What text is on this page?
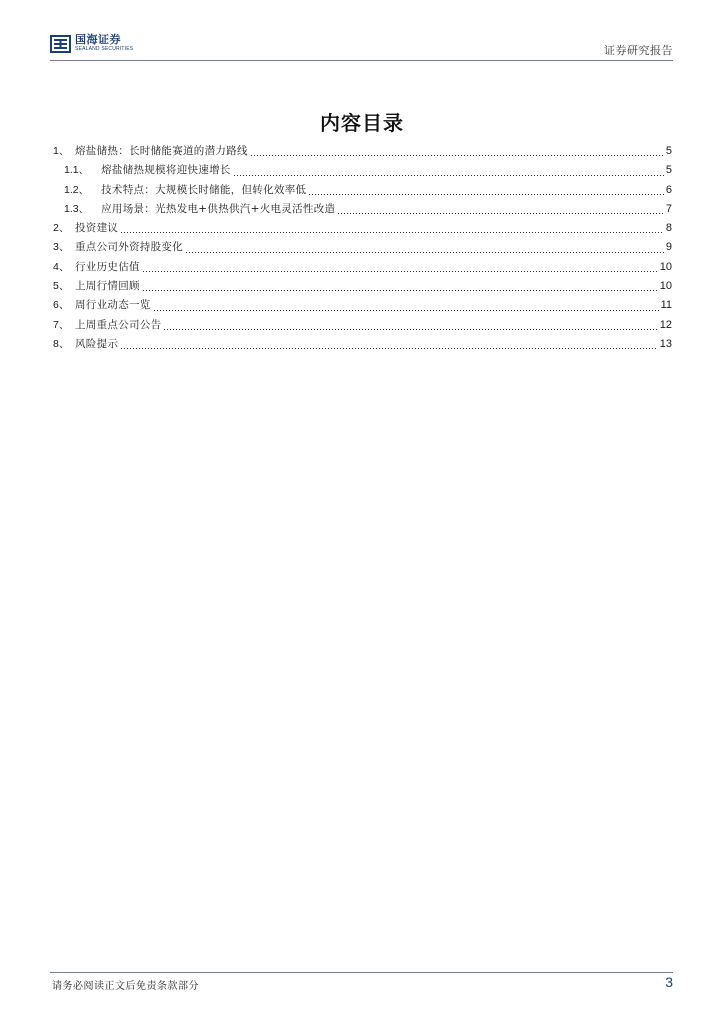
国海证券
SEALAND SECURITIES	证券研究报告
内容目录
1、 熔盐储热：长时储能赛道的潜力路线	5
1.1、 熔盐储热规模将迎快速增长	5
1.2、 技术特点：大规模长时储能，但转化效率低	6
1.3、 应用场景：光热发电+供热供汽+火电灵活性改造	7
2、 投资建议	8
3、 重点公司外资持股变化	9
4、 行业历史估值	10
5、 上周行情回顾	10
6、 周行业动态一览	11
7、 上周重点公司公告	12
8、 风险提示	13
请务必阅读正文后免责条款部分	3
